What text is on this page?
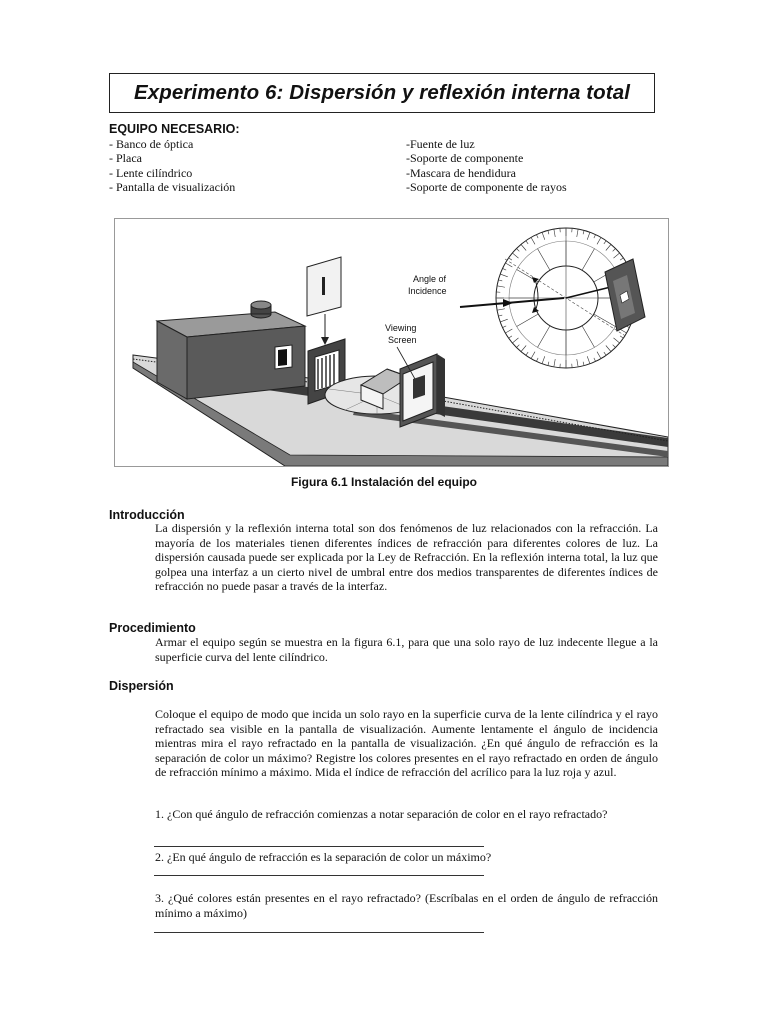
Experimento 6: Dispersión y reflexión interna total
EQUIPO NECESARIO:
- Banco de óptica
- Placa
- Lente cilíndrico
- Pantalla de visualización
-Fuente de luz
-Soporte de componente
-Mascara de hendidura
-Soporte de componente de rayos
Viewing
Screen
Angle of
Incidence
Figura 6.1 Instalación del equipo
Introducción

La dispersión y la reflexión interna total son dos fenómenos de luz relacionados con la refracción. La mayoría de los materiales tienen diferentes índices de refracción para diferentes colores de luz. La dispersión causada puede ser explicada por la Ley de Refracción. En la reflexión interna total, la luz que golpea una interfaz a un cierto nivel de umbral entre dos medios transparentes de diferentes índices de refracción no puede pasar a través de la interfaz.

Procedimiento

Armar el equipo según se muestra en la figura 6.1, para que una solo rayo de luz indecente llegue a la superficie curva del lente cilíndrico.

Dispersión

Coloque el equipo de modo que incida un solo rayo en la superficie curva de la lente cilíndrica y el rayo refractado sea visible en la pantalla de visualización. Aumente lentamente el ángulo de incidencia mientras mira el rayo refractado en la pantalla de visualización. ¿En qué ángulo de refracción es la separación de color un máximo? Registre los colores presentes en el rayo refractado en orden de ángulo de refracción mínimo a máximo. Mida el índice de refracción del acrílico para la luz roja y azul.

1. ¿Con qué ángulo de refracción comienzas a notar separación de color en el rayo refractado?

2. ¿En qué ángulo de refracción es la separación de color un máximo?

3. ¿Qué colores están presentes en el rayo refractado? (Escríbalas en el orden de ángulo de refracción mínimo a máximo)
